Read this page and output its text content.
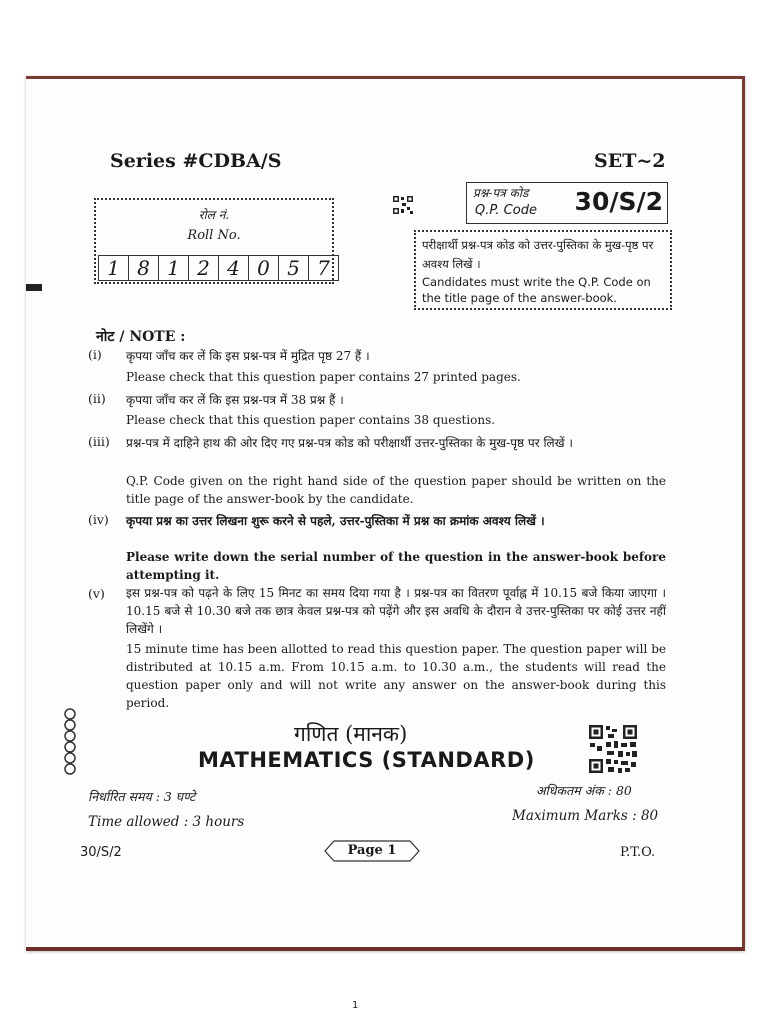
Series #CDBA/S	SET~2
प्रश्न-पत्र कोड
Q.P. Code 30/S/2
रोल नं.
Roll No.
1 8 1 2 4 0 5 7
परीक्षार्थी प्रश्न-पत्र कोड को उत्तर-पुस्तिका के मुख-पृष्ठ पर अवश्य लिखें ।
Candidates must write the Q.P. Code on the title page of the answer-book.
नोट / NOTE :
(i) कृपया जाँच कर लें कि इस प्रश्न-पत्र में मुद्रित पृष्ठ 27 हैं ।
Please check that this question paper contains 27 printed pages.
(ii) कृपया जाँच कर लें कि इस प्रश्न-पत्र में 38 प्रश्न हैं ।
Please check that this question paper contains 38 questions.
(iii) प्रश्न-पत्र में दाहिने हाथ की ओर दिए गए प्रश्न-पत्र कोड को परीक्षार्थी उत्तर-पुस्तिका के मुख-पृष्ठ पर लिखें ।
Q.P. Code given on the right hand side of the question paper should be written on the title page of the answer-book by the candidate.
(iv) कृपया प्रश्न का उत्तर लिखना शुरू करने से पहले, उत्तर-पुस्तिका में प्रश्न का क्रमांक अवश्य लिखें ।
Please write down the serial number of the question in the answer-book before attempting it.
(v) इस प्रश्न-पत्र को पढ़ने के लिए 15 मिनट का समय दिया गया है । प्रश्न-पत्र का वितरण पूर्वाह्न में 10.15 बजे किया जाएगा । 10.15 बजे से 10.30 बजे तक छात्र केवल प्रश्न-पत्र को पढ़ेंगे और इस अवधि के दौरान वे उत्तर-पुस्तिका पर कोई उत्तर नहीं लिखेंगे ।
15 minute time has been allotted to read this question paper. The question paper will be distributed at 10.15 a.m. From 10.15 a.m. to 10.30 a.m., the students will read the question paper only and will not write any answer on the answer-book during this period.
गणित (मानक)
MATHEMATICS (STANDARD)
निर्धारित समय : 3 घण्टे
Time allowed : 3 hours
अधिकतम अंक : 80
Maximum Marks : 80
30/S/2	Page 1	P.T.O.
1
